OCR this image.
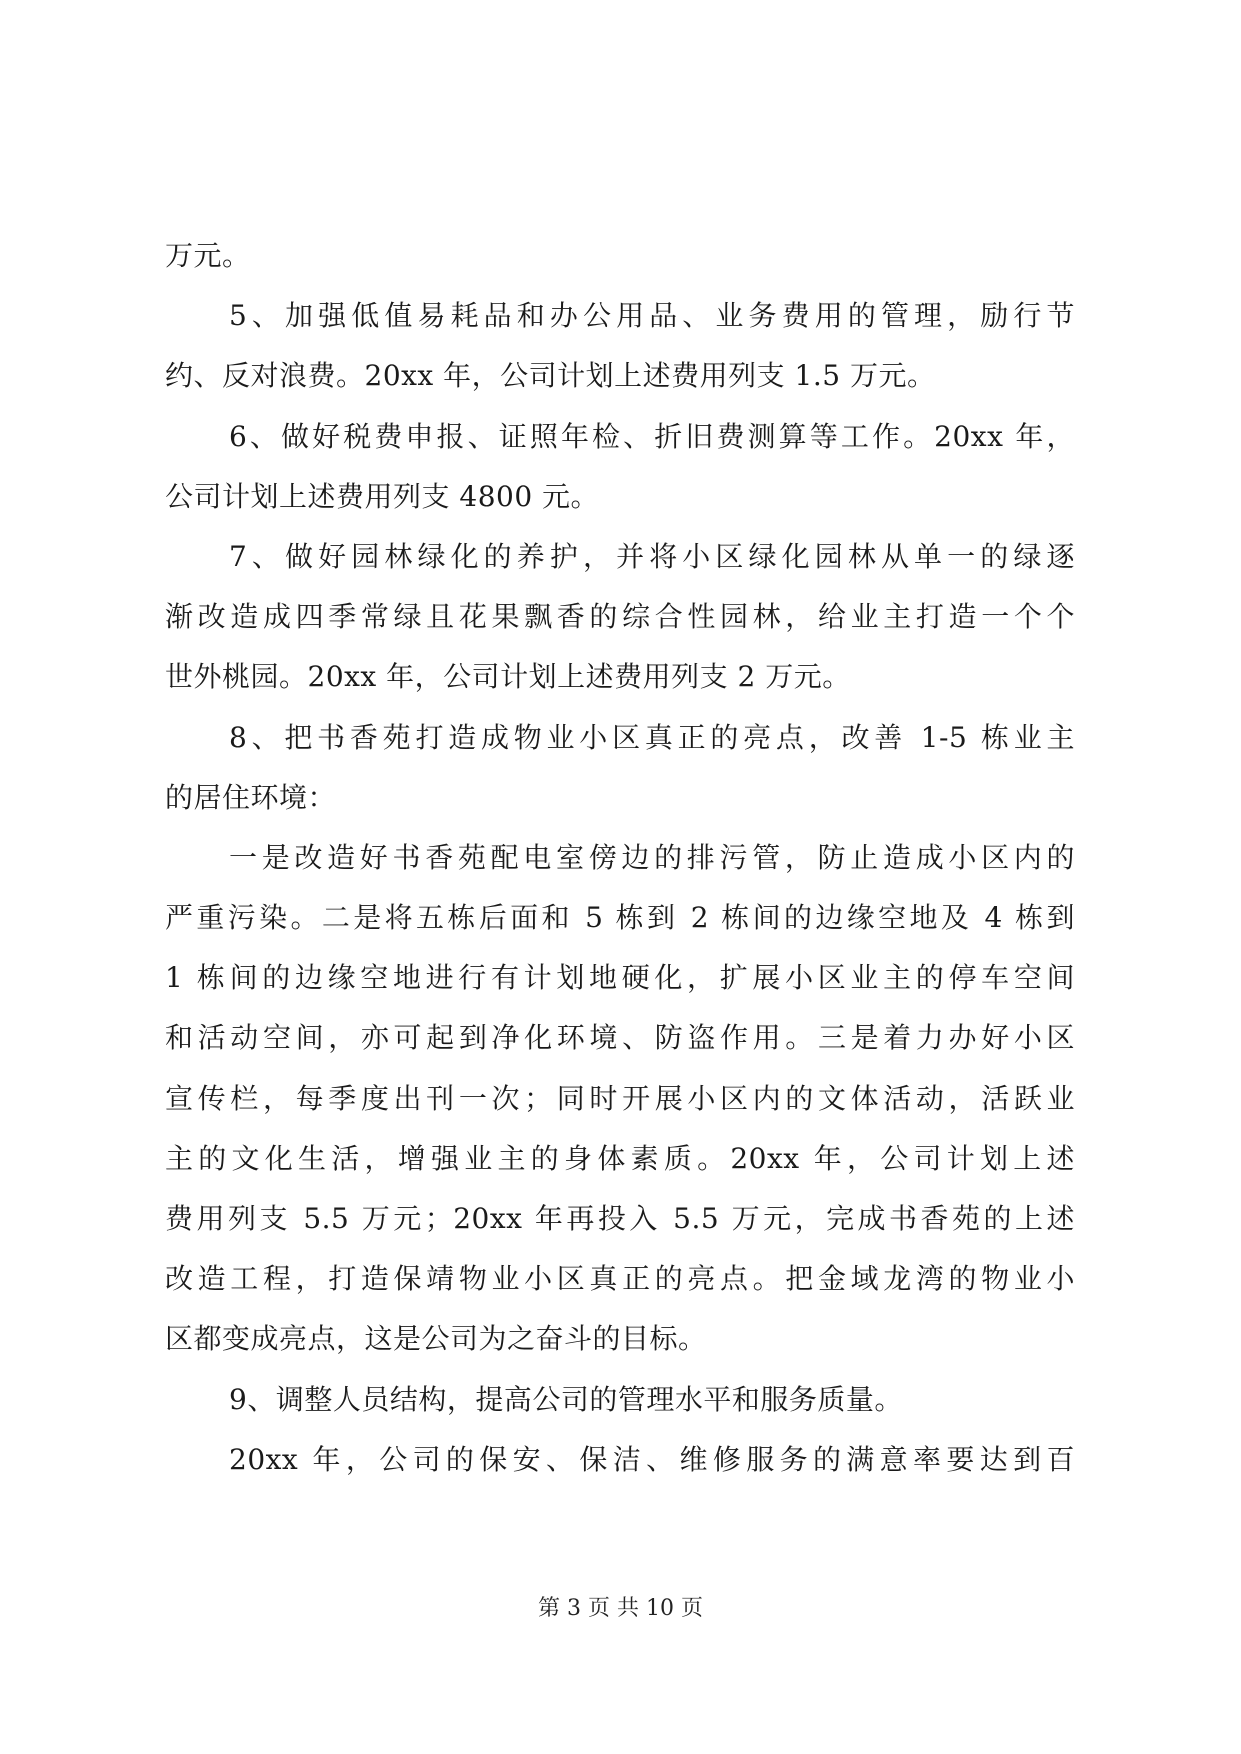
万元。
5、加强低值易耗品和办公用品、业务费用的管理，励行节
约、反对浪费。20xx 年，公司计划上述费用列支 1.5 万元。
6、做好税费申报、证照年检、折旧费测算等工作。20xx 年，
公司计划上述费用列支 4800 元。
7、做好园林绿化的养护，并将小区绿化园林从单一的绿逐
渐改造成四季常绿且花果飘香的综合性园林，给业主打造一个个
世外桃园。20xx 年，公司计划上述费用列支 2 万元。
8、把书香苑打造成物业小区真正的亮点，改善 1-5 栋业主
的居住环境：
一是改造好书香苑配电室傍边的排污管，防止造成小区内的
严重污染。二是将五栋后面和 5 栋到 2 栋间的边缘空地及 4 栋到
1 栋间的边缘空地进行有计划地硬化，扩展小区业主的停车空间
和活动空间，亦可起到净化环境、防盗作用。三是着力办好小区
宣传栏，每季度出刊一次；同时开展小区内的文体活动，活跃业
主的文化生活，增强业主的身体素质。20xx 年，公司计划上述
费用列支 5.5 万元；20xx 年再投入 5.5 万元，完成书香苑的上述
改造工程，打造保靖物业小区真正的亮点。把金域龙湾的物业小
区都变成亮点，这是公司为之奋斗的目标。
9、调整人员结构，提高公司的管理水平和服务质量。
20xx 年，公司的保安、保洁、维修服务的满意率要达到百
第 3 页 共 10 页
